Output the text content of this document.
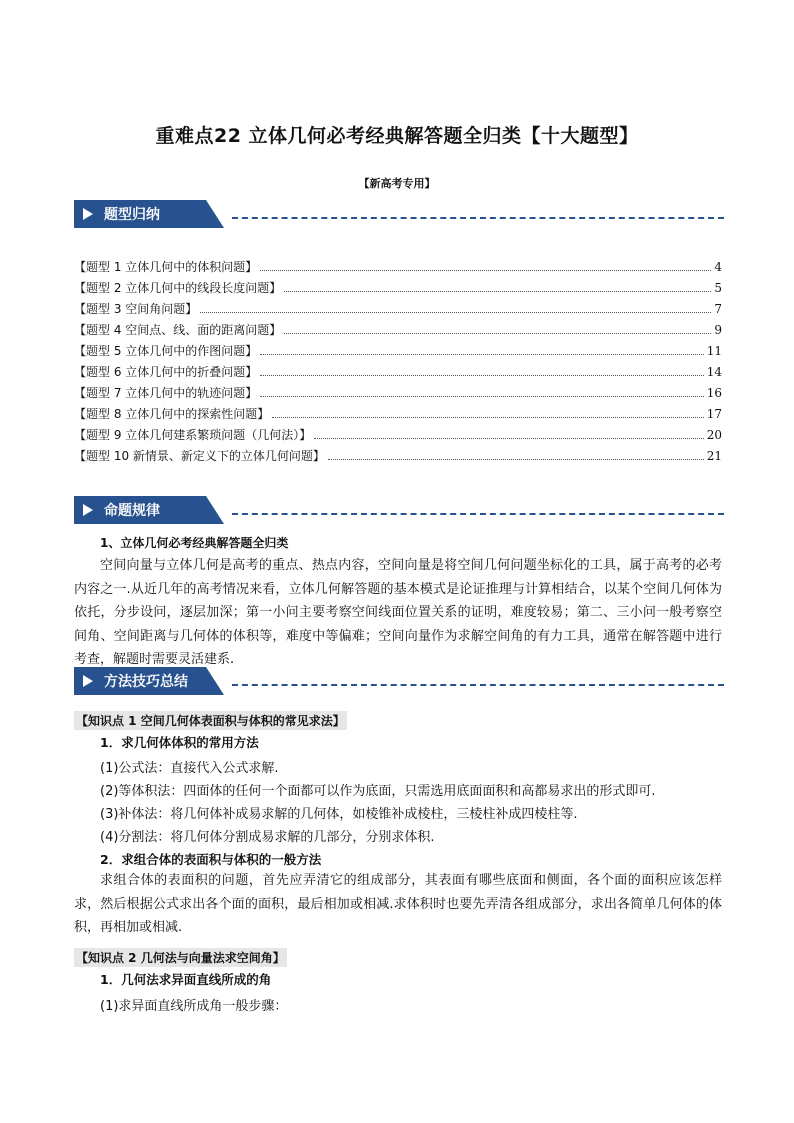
重难点22 立体几何必考经典解答题全归类【十大题型】
【新高考专用】
题型归纳
【题型 1 立体几何中的体积问题】	4
【题型 2 立体几何中的线段长度问题】	5
【题型 3 空间角问题】	7
【题型 4 空间点、线、面的距离问题】	9
【题型 5 立体几何中的作图问题】	11
【题型 6 立体几何中的折叠问题】	14
【题型 7 立体几何中的轨迹问题】	16
【题型 8 立体几何中的探索性问题】	17
【题型 9 立体几何建系繁琐问题（几何法）】	20
【题型 10 新情景、新定义下的立体几何问题】	21
命题规律
1、立体几何必考经典解答题全归类
空间向量与立体几何是高考的重点、热点内容，空间向量是将空间几何问题坐标化的工具，属于高考的必考内容之一.从近几年的高考情况来看，立体几何解答题的基本模式是论证推理与计算相结合，以某个空间几何体为依托，分步设问，逐层加深；第一小问主要考察空间线面位置关系的证明，难度较易；第二、三小问一般考察空间角、空间距离与几何体的体积等，难度中等偏难；空间向量作为求解空间角的有力工具，通常在解答题中进行考查，解题时需要灵活建系.
方法技巧总结
【知识点 1 空间几何体表面积与体积的常见求法】
1．求几何体体积的常用方法
(1)公式法：直接代入公式求解.
(2)等体积法：四面体的任何一个面都可以作为底面，只需选用底面面积和高都易求出的形式即可.
(3)补体法：将几何体补成易求解的几何体，如棱锥补成棱柱，三棱柱补成四棱柱等.
(4)分割法：将几何体分割成易求解的几部分，分别求体积.
2．求组合体的表面积与体积的一般方法
求组合体的表面积的问题，首先应弄清它的组成部分，其表面有哪些底面和侧面，各个面的面积应该怎样求，然后根据公式求出各个面的面积，最后相加或相减.求体积时也要先弄清各组成部分，求出各简单几何体的体积，再相加或相减.
【知识点 2 几何法与向量法求空间角】
1．几何法求异面直线所成的角
(1)求异面直线所成角一般步骤：
